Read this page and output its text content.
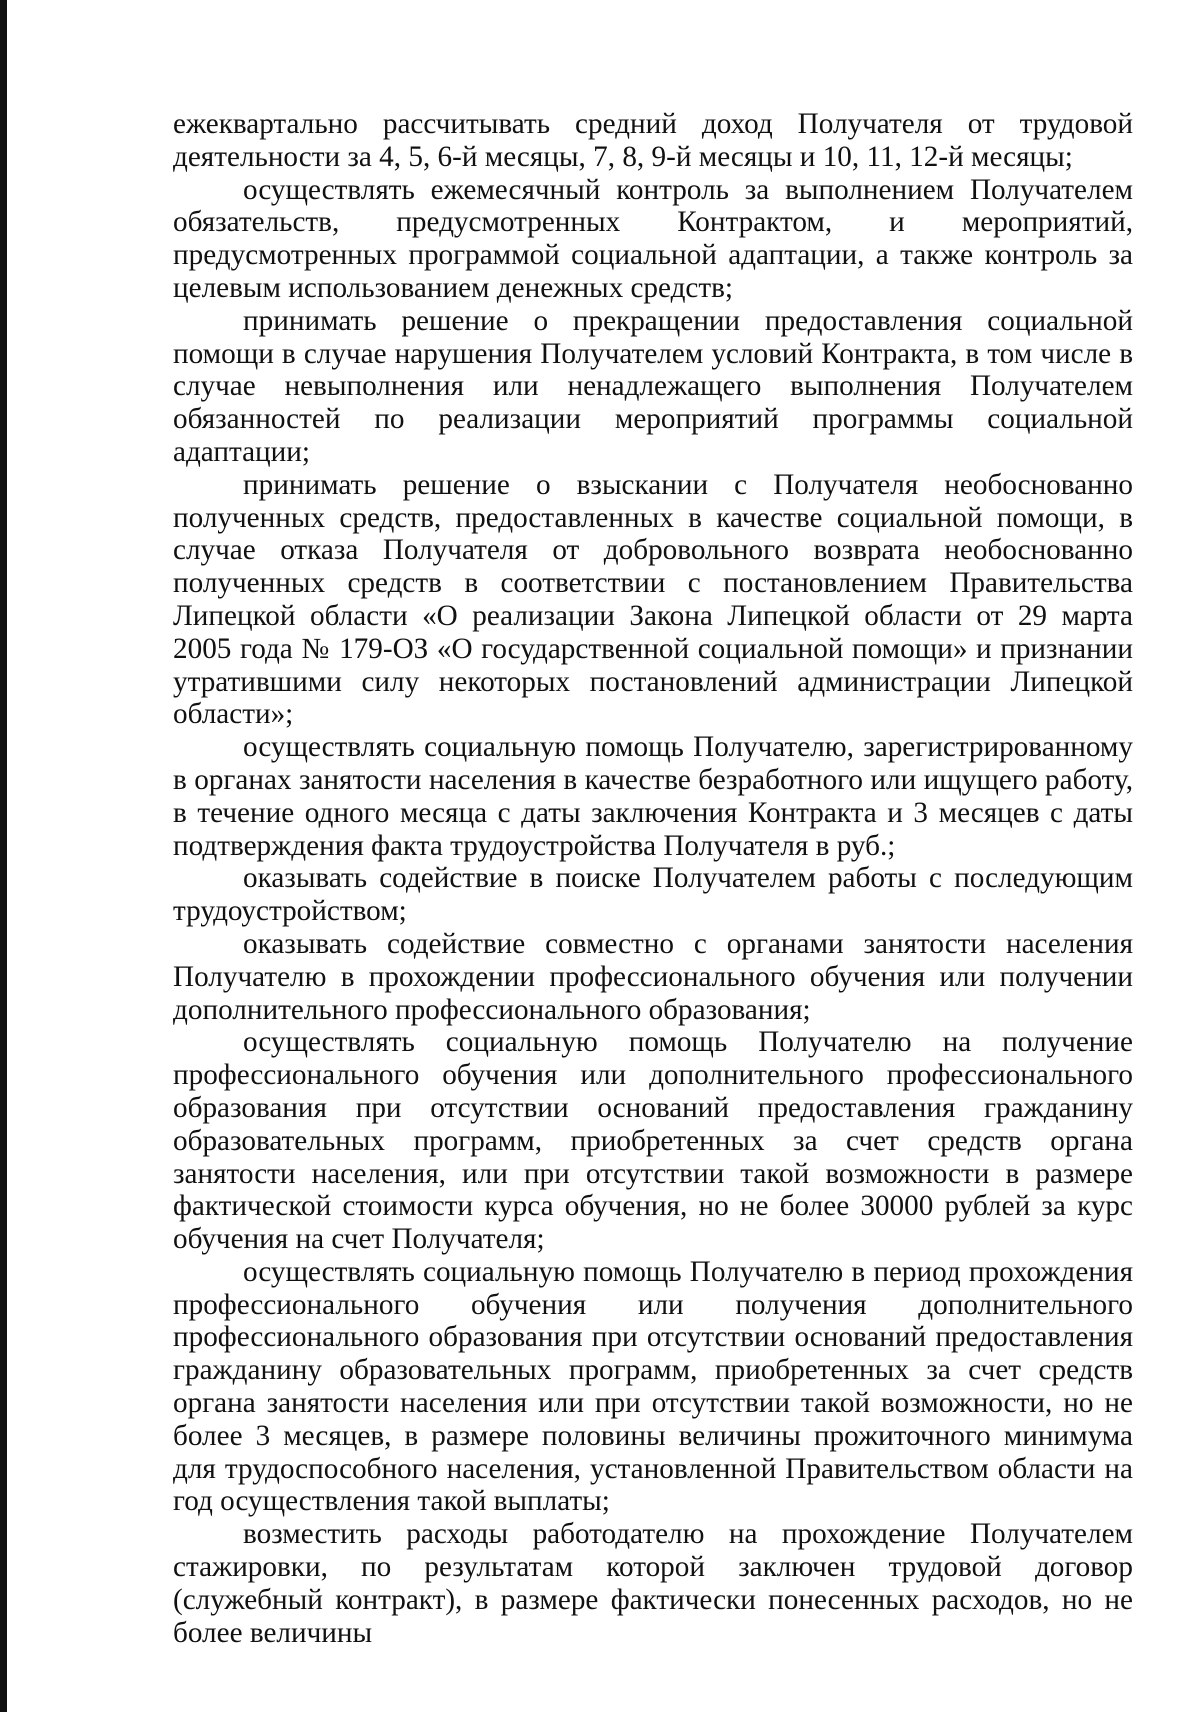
ежеквартально рассчитывать средний доход Получателя от трудовой деятельности за 4, 5, 6-й месяцы, 7, 8, 9-й месяцы и 10, 11, 12-й месяцы;

осуществлять ежемесячный контроль за выполнением Получателем обязательств, предусмотренных Контрактом, и мероприятий, предусмотренных программой социальной адаптации, а также контроль за целевым использованием денежных средств;

принимать решение о прекращении предоставления социальной помощи в случае нарушения Получателем условий Контракта, в том числе в случае невыполнения или ненадлежащего выполнения Получателем обязанностей по реализации мероприятий программы социальной адаптации;

принимать решение о взыскании с Получателя необоснованно полученных средств, предоставленных в качестве социальной помощи, в случае отказа Получателя от добровольного возврата необоснованно полученных средств в соответствии с постановлением Правительства Липецкой области «О реализации Закона Липецкой области от 29 марта 2005 года № 179-ОЗ «О государственной социальной помощи» и признании утратившими силу некоторых постановлений администрации Липецкой области»;

осуществлять социальную помощь Получателю, зарегистрированному в органах занятости населения в качестве безработного или ищущего работу, в течение одного месяца с даты заключения Контракта и 3 месяцев с даты подтверждения факта трудоустройства Получателя в руб.;

оказывать содействие в поиске Получателем работы с последующим трудоустройством;

оказывать содействие совместно с органами занятости населения Получателю в прохождении профессионального обучения или получении дополнительного профессионального образования;

осуществлять социальную помощь Получателю на получение профессионального обучения или дополнительного профессионального образования при отсутствии оснований предоставления гражданину образовательных программ, приобретенных за счет средств органа занятости населения, или при отсутствии такой возможности в размере фактической стоимости курса обучения, но не более 30000 рублей за курс обучения на счет Получателя;

осуществлять социальную помощь Получателю в период прохождения профессионального обучения или получения дополнительного профессионального образования при отсутствии оснований предоставления гражданину образовательных программ, приобретенных за счет средств органа занятости населения или при отсутствии такой возможности, но не более 3 месяцев, в размере половины величины прожиточного минимума для трудоспособного населения, установленной Правительством области на год осуществления такой выплаты;

возместить расходы работодателю на прохождение Получателем стажировки, по результатам которой заключен трудовой договор (служебный контракт), в размере фактически понесенных расходов, но не более величины
